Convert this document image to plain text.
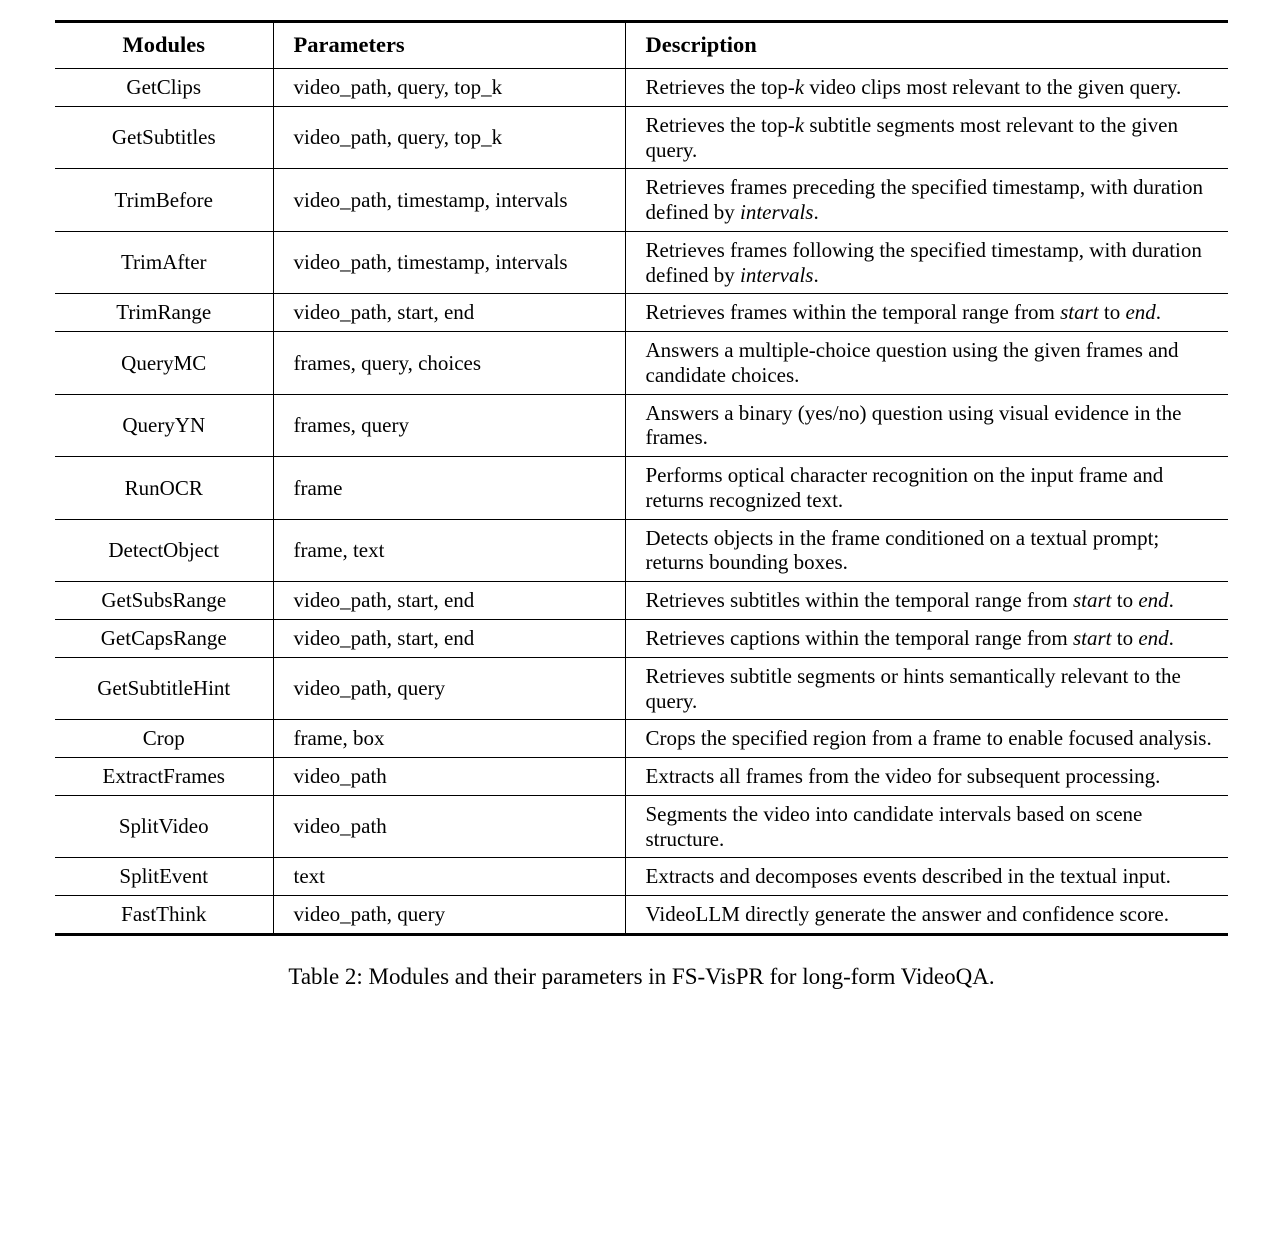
Modules	Parameters	Description
GetClips	video_path, query, top_k	Retrieves the top-k video clips most relevant to the given query.
GetSubtitles	video_path, query, top_k	Retrieves the top-k subtitle segments most relevant to the given query.
TrimBefore	video_path, timestamp, intervals	Retrieves frames preceding the specified timestamp, with duration defined by intervals.
TrimAfter	video_path, timestamp, intervals	Retrieves frames following the specified timestamp, with duration defined by intervals.
TrimRange	video_path, start, end	Retrieves frames within the temporal range from start to end.
QueryMC	frames, query, choices	Answers a multiple-choice question using the given frames and candidate choices.
QueryYN	frames, query	Answers a binary (yes/no) question using visual evidence in the frames.
RunOCR	frame	Performs optical character recognition on the input frame and returns recognized text.
DetectObject	frame, text	Detects objects in the frame conditioned on a textual prompt; returns bounding boxes.
GetSubsRange	video_path, start, end	Retrieves subtitles within the temporal range from start to end.
GetCapsRange	video_path, start, end	Retrieves captions within the temporal range from start to end.
GetSubtitleHint	video_path, query	Retrieves subtitle segments or hints semantically relevant to the query.
Crop	frame, box	Crops the specified region from a frame to enable focused analysis.
ExtractFrames	video_path	Extracts all frames from the video for subsequent processing.
SplitVideo	video_path	Segments the video into candidate intervals based on scene structure.
SplitEvent	text	Extracts and decomposes events described in the textual input.
FastThink	video_path, query	VideoLLM directly generate the answer and confidence score.
Table 2: Modules and their parameters in FS-VisPR for long-form VideoQA.
